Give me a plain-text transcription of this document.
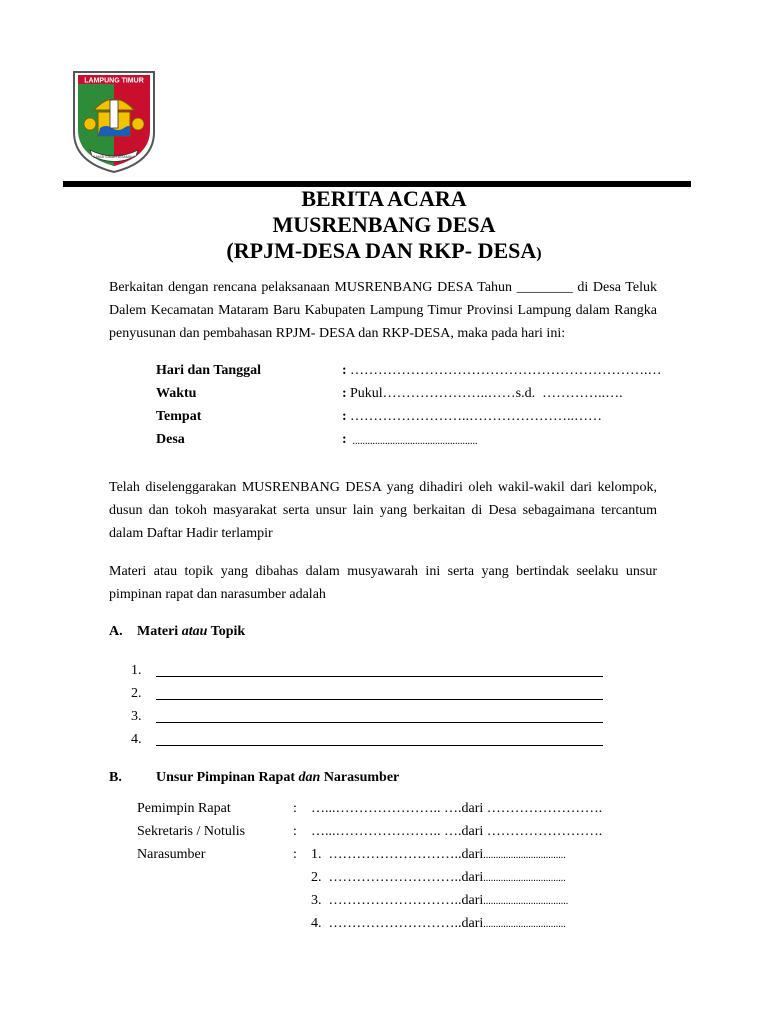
LAMPUNG TIMUR
SANGI SIMAH BISAMAHI
BERITA ACARA
MUSRENBANG DESA
(RPJM-DESA DAN RKP- DESA)
Berkaitan dengan rencana pelaksanaan MUSRENBANG DESA Tahun ________ di Desa Teluk Dalem Kecamatan Mataram Baru Kabupaten Lampung Timur Provinsi Lampung dalam Rangka penyusunan dan pembahasan RPJM- DESA dan RKP-DESA, maka pada hari ini:
Hari dan Tanggal	: ……………………………………………………….…
Waktu	: Pukul…………………..……s.d.  …………..….
Tempat	: ……………………..…………………..……
Desa	: ..................................................
Telah diselenggarakan MUSRENBANG DESA yang dihadiri oleh wakil-wakil dari kelompok, dusun dan tokoh masyarakat serta unsur lain yang berkaitan di Desa sebagaimana tercantum dalam Daftar Hadir terlampir
Materi atau topik yang dibahas dalam musyawarah ini serta yang bertindak seelaku unsur pimpinan rapat dan narasumber adalah
A. Materi atau Topik
1.
2.
3.
4.
B. Unsur Pimpinan Rapat dan Narasumber
Pemimpin Rapat	: …...………………….. ….dari …………………….
Sekretaris / Notulis	: …...………………….. ….dari …………………….
Narasumber	: 1. ………………………..dari.................................
2. ………………………..dari.................................
3. ………………………..dari..................................
4. ………………………..dari.................................
